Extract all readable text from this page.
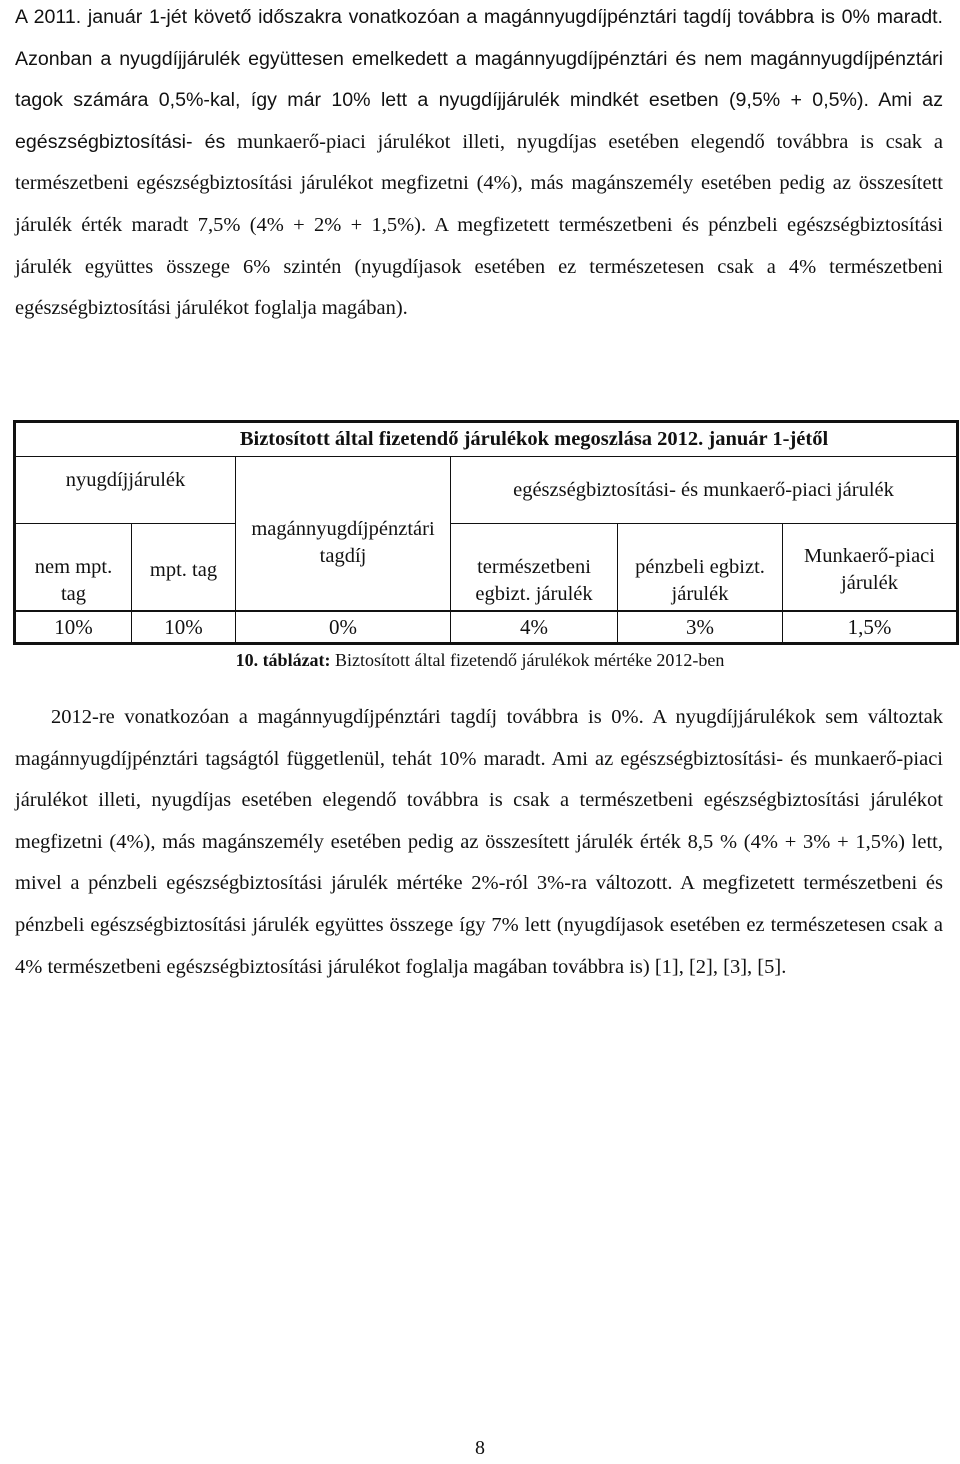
A 2011. január 1-jét követő időszakra vonatkozóan a magánnyugdíjpénztári tagdíj továbbra is 0% maradt. Azonban a nyugdíjjárulék együttesen emelkedett a magánnyugdíjpénztári és nem magánnyugdíjpénztári tagok számára 0,5%-kal, így már 10% lett a nyugdíjjárulék mindkét esetben (9,5% + 0,5%). Ami az egészségbiztosítási- és munkaerő-piaci járulékot illeti, nyugdíjas esetében elegendő továbbra is csak a természetbeni egészségbiztosítási járulékot megfizetni (4%), más magánszemély esetében pedig az összesített járulék érték maradt 7,5% (4% + 2% + 1,5%). A megfizetett természetbeni és pénzbeli egészségbiztosítási járulék együttes összege 6% szintén (nyugdíjasok esetében ez természetesen csak a 4% természetbeni egészségbiztosítási járulékot foglalja magában).
Biztosított által fizetendő járulékok megoszlása 2012. január 1-jétől					
nyugdíjjárulék		magánnyugdíjpénztári tagdíj	egészségbiztosítási- és munkaerő-piaci járulék		
nem mpt. tag	mpt. tag		természetbeni egbizt. járulék	pénzbeli egbizt. járulék	Munkaerő-piaci járulék
10%	10%	0%	4%	3%	1,5%
10. táblázat: Biztosított által fizetendő járulékok mértéke 2012-ben
2012-re vonatkozóan a magánnyugdíjpénztári tagdíj továbbra is 0%. A nyugdíjjárulékok sem változtak magánnyugdíjpénztári tagságtól függetlenül, tehát 10% maradt. Ami az egészségbiztosítási- és munkaerő-piaci járulékot illeti, nyugdíjas esetében elegendő továbbra is csak a természetbeni egészségbiztosítási járulékot megfizetni (4%), más magánszemély esetében pedig az összesített járulék érték 8,5 % (4% + 3% + 1,5%) lett, mivel a pénzbeli egészségbiztosítási járulék mértéke 2%-ról 3%-ra változott. A megfizetett természetbeni és pénzbeli egészségbiztosítási járulék együttes összege így 7% lett (nyugdíjasok esetében ez természetesen csak a 4% természetbeni egészségbiztosítási járulékot foglalja magában továbbra is) [1], [2], [3], [5].
8
